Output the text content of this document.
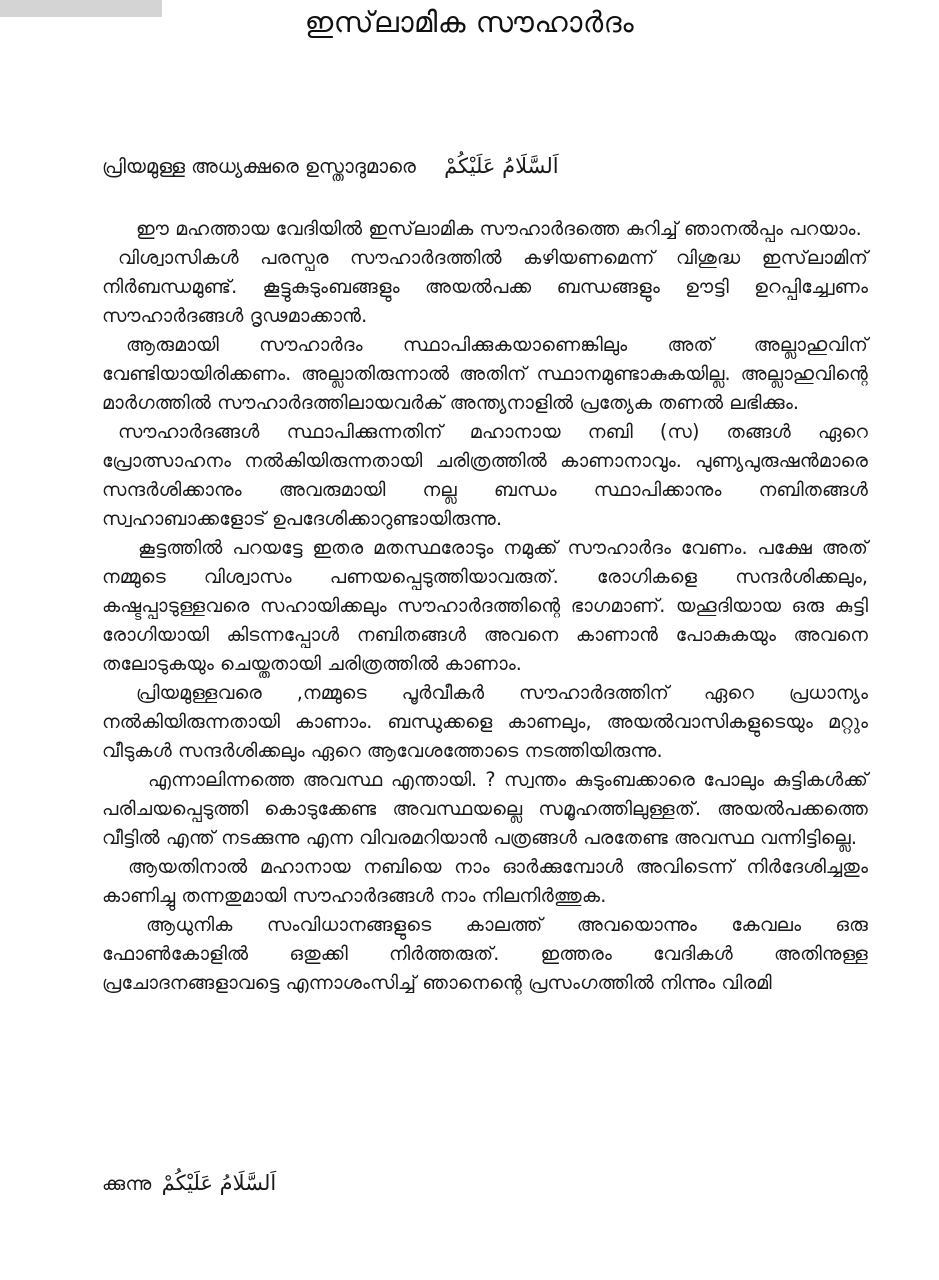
ഇസ്‌ലാമിക സൗഹാർദം
പ്രിയമുള്ള അധ്യക്ഷരെ ഉസ്താദുമാരെ اَلسَّلَامُ عَلَيْكُمْ

ഈ മഹത്തായ വേദിയിൽ ഇസ്‌ലാമിക സൗഹാർദത്തെ കുറിച്ച് ഞാനൽപ്പം പറയാം.

വിശ്വാസികൾ പരസ്പര സൗഹാർദത്തിൽ കഴിയണമെന്ന് വിശുദ്ധ ഇസ്‌ലാമിന് നിർബന്ധമുണ്ട്. കൂട്ടുകുടുംബങ്ങളും അയൽപക്ക ബന്ധങ്ങളും ഊട്ടി ഉറപ്പിച്ച്വേണം സൗഹാർദങ്ങൾ ദൃഢമാക്കാൻ.

ആരുമായി സൗഹാർദം സ്ഥാപിക്കുകയാണെങ്കിലും അത് അല്ലാഹുവിന് വേണ്ടിയായിരിക്കണം. അല്ലാതിരുന്നാൽ അതിന് സ്ഥാനമുണ്ടാകുകയില്ല. അല്ലാഹുവിന്റെ മാർഗത്തിൽ സൗഹാർദത്തിലായവർക് അന്ത്യനാളിൽ പ്രത്യേക തണൽ ലഭിക്കും.

സൗഹാർദങ്ങൾ സ്ഥാപിക്കുന്നതിന് മഹാനായ നബി (സ) തങ്ങൾ ഏറെ പ്രോത്സാഹനം നൽകിയിരുന്നതായി ചരിത്രത്തിൽ കാണാനാവും. പുണ്യപുരുഷൻമാരെ സന്ദർശിക്കാനും അവരുമായി നല്ല ബന്ധം സ്ഥാപിക്കാനും നബിതങ്ങൾ സ്വഹാബാക്കളോട് ഉപദേശിക്കാറുണ്ടായിരുന്നു.

കൂട്ടത്തിൽ പറയട്ടേ ഇതര മതസ്ഥരോടും നമുക്ക് സൗഹാർദം വേണം. പക്ഷേ അത് നമ്മുടെ വിശ്വാസം പണയപ്പെടുത്തിയാവരുത്. രോഗികളെ സന്ദർശിക്കലും, കഷ്ടപ്പാടുള്ളവരെ സഹായിക്കലും സൗഹാർദത്തിന്റെ ഭാഗമാണ്. യഹൂദിയായ ഒരു കുട്ടി രോഗിയായി കിടന്നപ്പോൾ നബിതങ്ങൾ അവനെ കാണാൻ പോകുകയും അവനെ തലോടുകയും ചെയ്തതായി ചരിത്രത്തിൽ കാണാം.

പ്രിയമുള്ളവരെ ,നമ്മുടെ പൂർവീകർ സൗഹാർദത്തിന് ഏറെ പ്രധാന്യം നൽകിയിരുന്നതായി കാണാം. ബന്ധുക്കളെ കാണലും, അയൽവാസികളുടെയും മറ്റും വീടുകൾ സന്ദർശിക്കലും ഏറെ ആവേശത്തോടെ നടത്തിയിരുന്നു.

എന്നാലിന്നത്തെ അവസ്ഥ എന്തായി. ? സ്വന്തം കുടുംബക്കാരെ പോലും കുട്ടികൾക്ക് പരിചയപ്പെടുത്തി കൊടുക്കേണ്ട അവസ്ഥയല്ലെ സമൂഹത്തിലുള്ളത്. അയൽപക്കത്തെ വീട്ടിൽ എന്ത് നടക്കുന്നു എന്ന വിവരമറിയാൻ പത്രങ്ങൾ പരതേണ്ട അവസ്ഥ വന്നിട്ടില്ലെ.

ആയതിനാൽ മഹാനായ നബിയെ നാം ഓർക്കുമ്പോൾ അവിടെന്ന് നിർദേശിച്ചതും കാണിച്ചു തന്നതുമായി സൗഹാർദങ്ങൾ നാം നിലനിർത്തുക.

ആധുനിക സംവിധാനങ്ങളുടെ കാലത്ത് അവയൊന്നും കേവലം ഒരു ഫോൺകോളിൽ ഒതുക്കി നിർത്തരുത്. ഇത്തരം വേദികൾ അതിനുള്ള പ്രചോദനങ്ങളാവട്ടെ എന്നാശംസിച്ച് ഞാനെന്റെ പ്രസംഗത്തിൽ നിന്നും വിരമി

ക്കുന്നു اَلسَّلَامُ عَلَيْكُمْ
